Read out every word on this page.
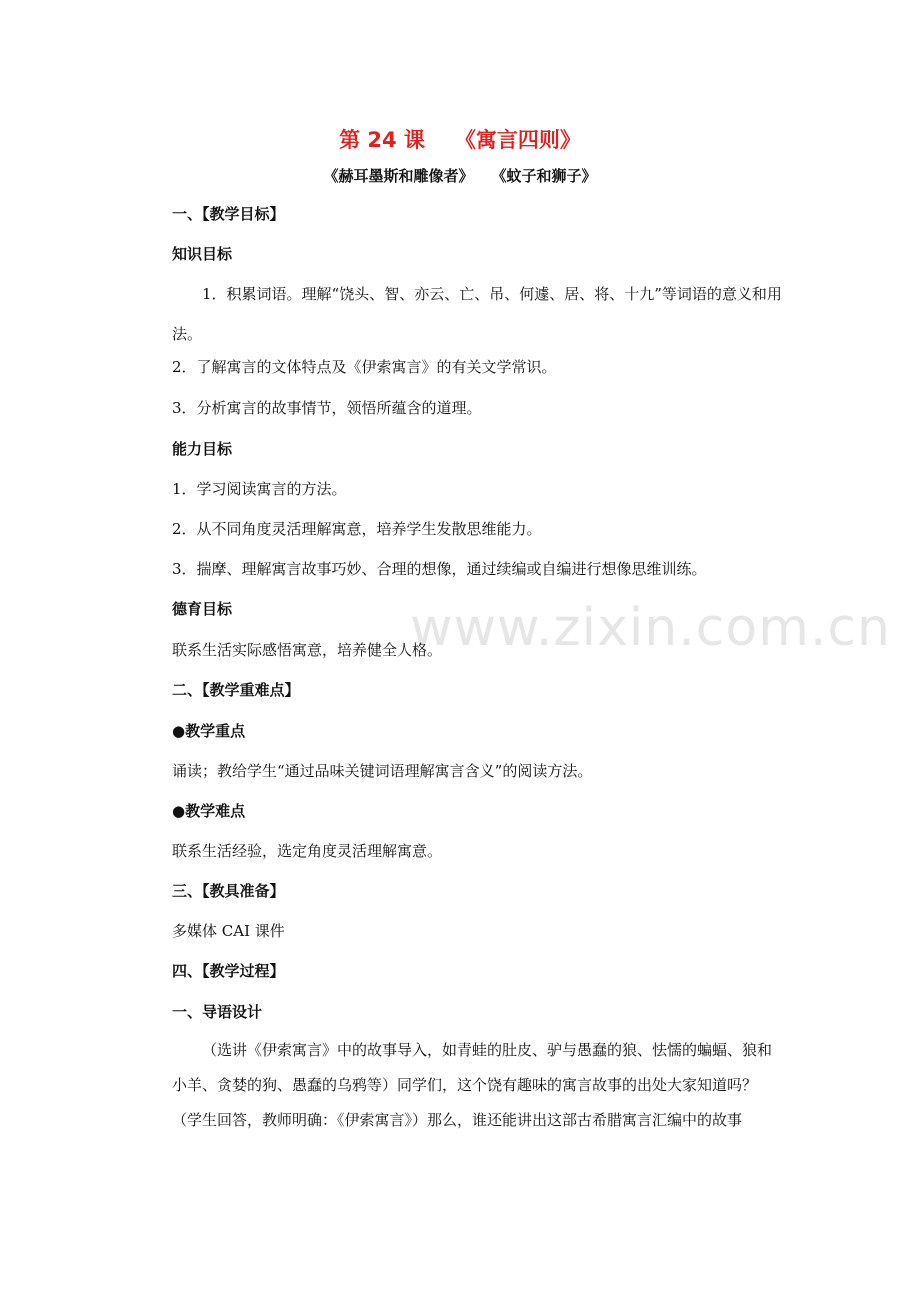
www.zixin.com.cn
第 24 课 《寓言四则》
《赫耳墨斯和雕像者》 《蚊子和狮子》
一、【教学目标】
知识目标
1．积累词语。理解“饶头、智、亦云、亡、吊、何遽、居、将、十九”等词语的意义和用法。
2．了解寓言的文体特点及《伊索寓言》的有关文学常识。
3．分析寓言的故事情节，领悟所蕴含的道理。
能力目标
1．学习阅读寓言的方法。
2．从不同角度灵活理解寓意，培养学生发散思维能力。
3．揣摩、理解寓言故事巧妙、合理的想像，通过续编或自编进行想像思维训练。
德育目标
联系生活实际感悟寓意，培养健全人格。
二、【教学重难点】
●教学重点
诵读；教给学生“通过品味关键词语理解寓言含义”的阅读方法。
●教学难点
联系生活经验，选定角度灵活理解寓意。
三、【教具准备】
多媒体 CAI 课件
四、【教学过程】
一、导语设计
（选讲《伊索寓言》中的故事导入，如青蛙的肚皮、驴与愚蠢的狼、怯懦的蝙蝠、狼和小羊、贪婪的狗、愚蠢的乌鸦等）同学们，这个饶有趣味的寓言故事的出处大家知道吗？（学生回答，教师明确：《伊索寓言》）那么，谁还能讲出这部古希腊寓言汇编中的故事
